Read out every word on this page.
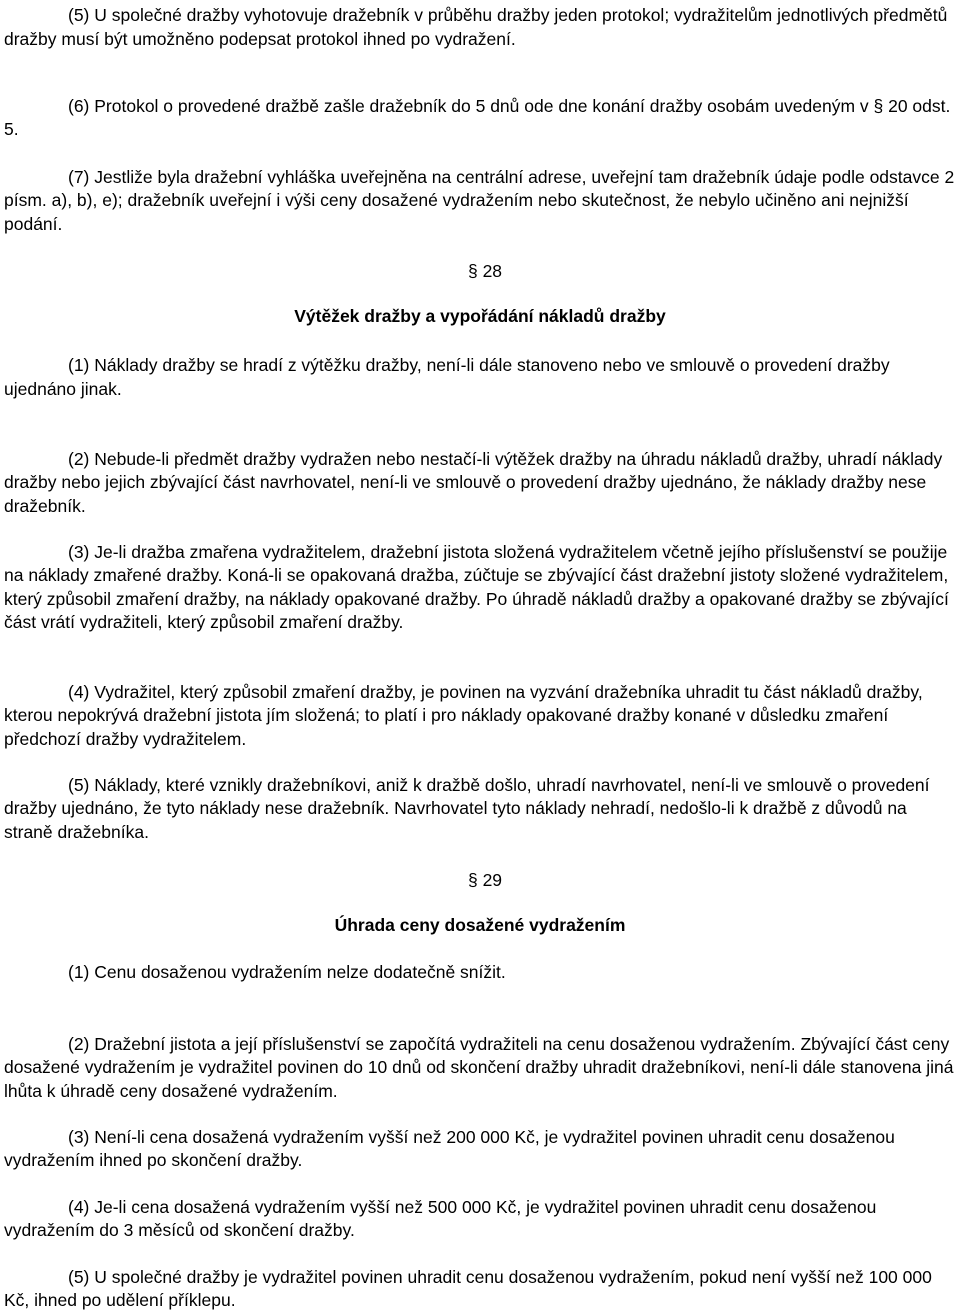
(5) U společné dražby vyhotovuje dražebník v průběhu dražby jeden protokol; vydražitelům jednotlivých předmětů dražby musí být umožněno podepsat protokol ihned po vydražení.

(6) Protokol o provedené dražbě zašle dražebník do 5 dnů ode dne konání dražby osobám uvedeným v § 20 odst. 5.

(7) Jestliže byla dražební vyhláška uveřejněna na centrální adrese, uveřejní tam dražebník údaje podle odstavce 2 písm. a), b), e); dražebník uveřejní i výši ceny dosažené vydražením nebo skutečnost, že nebylo učiněno ani nejnižší podání.

§ 28

Výtěžek dražby a vypořádání nákladů dražby

(1) Náklady dražby se hradí z výtěžku dražby, není-li dále stanoveno nebo ve smlouvě o provedení dražby ujednáno jinak.

(2) Nebude-li předmět dražby vydražen nebo nestačí-li výtěžek dražby na úhradu nákladů dražby, uhradí náklady dražby nebo jejich zbývající část navrhovatel, není-li ve smlouvě o provedení dražby ujednáno, že náklady dražby nese dražebník.

(3) Je-li dražba zmařena vydražitelem, dražební jistota složená vydražitelem včetně jejího příslušenství se použije na náklady zmařené dražby. Koná-li se opakovaná dražba, zúčtuje se zbývající část dražební jistoty složené vydražitelem, který způsobil zmaření dražby, na náklady opakované dražby. Po úhradě nákladů dražby a opakované dražby se zbývající část vrátí vydražiteli, který způsobil zmaření dražby.

(4) Vydražitel, který způsobil zmaření dražby, je povinen na vyzvání dražebníka uhradit tu část nákladů dražby, kterou nepokrývá dražební jistota jím složená; to platí i pro náklady opakované dražby konané v důsledku zmaření předchozí dražby vydražitelem.

(5) Náklady, které vznikly dražebníkovi, aniž k dražbě došlo, uhradí navrhovatel, není-li ve smlouvě o provedení dražby ujednáno, že tyto náklady nese dražebník. Navrhovatel tyto náklady nehradí, nedošlo-li k dražbě z důvodů na straně dražebníka.

§ 29

Úhrada ceny dosažené vydražením

(1) Cenu dosaženou vydražením nelze dodatečně snížit.

(2) Dražební jistota a její příslušenství se započítá vydražiteli na cenu dosaženou vydražením. Zbývající část ceny dosažené vydražením je vydražitel povinen do 10 dnů od skončení dražby uhradit dražebníkovi, není-li dále stanovena jiná lhůta k úhradě ceny dosažené vydražením.

(3) Není-li cena dosažená vydražením vyšší než 200 000 Kč, je vydražitel povinen uhradit cenu dosaženou vydražením ihned po skončení dražby.

(4) Je-li cena dosažená vydražením vyšší než 500 000 Kč, je vydražitel povinen uhradit cenu dosaženou vydražením do 3 měsíců od skončení dražby.

(5) U společné dražby je vydražitel povinen uhradit cenu dosaženou vydražením, pokud není vyšší než 100 000 Kč, ihned po udělení příklepu.
